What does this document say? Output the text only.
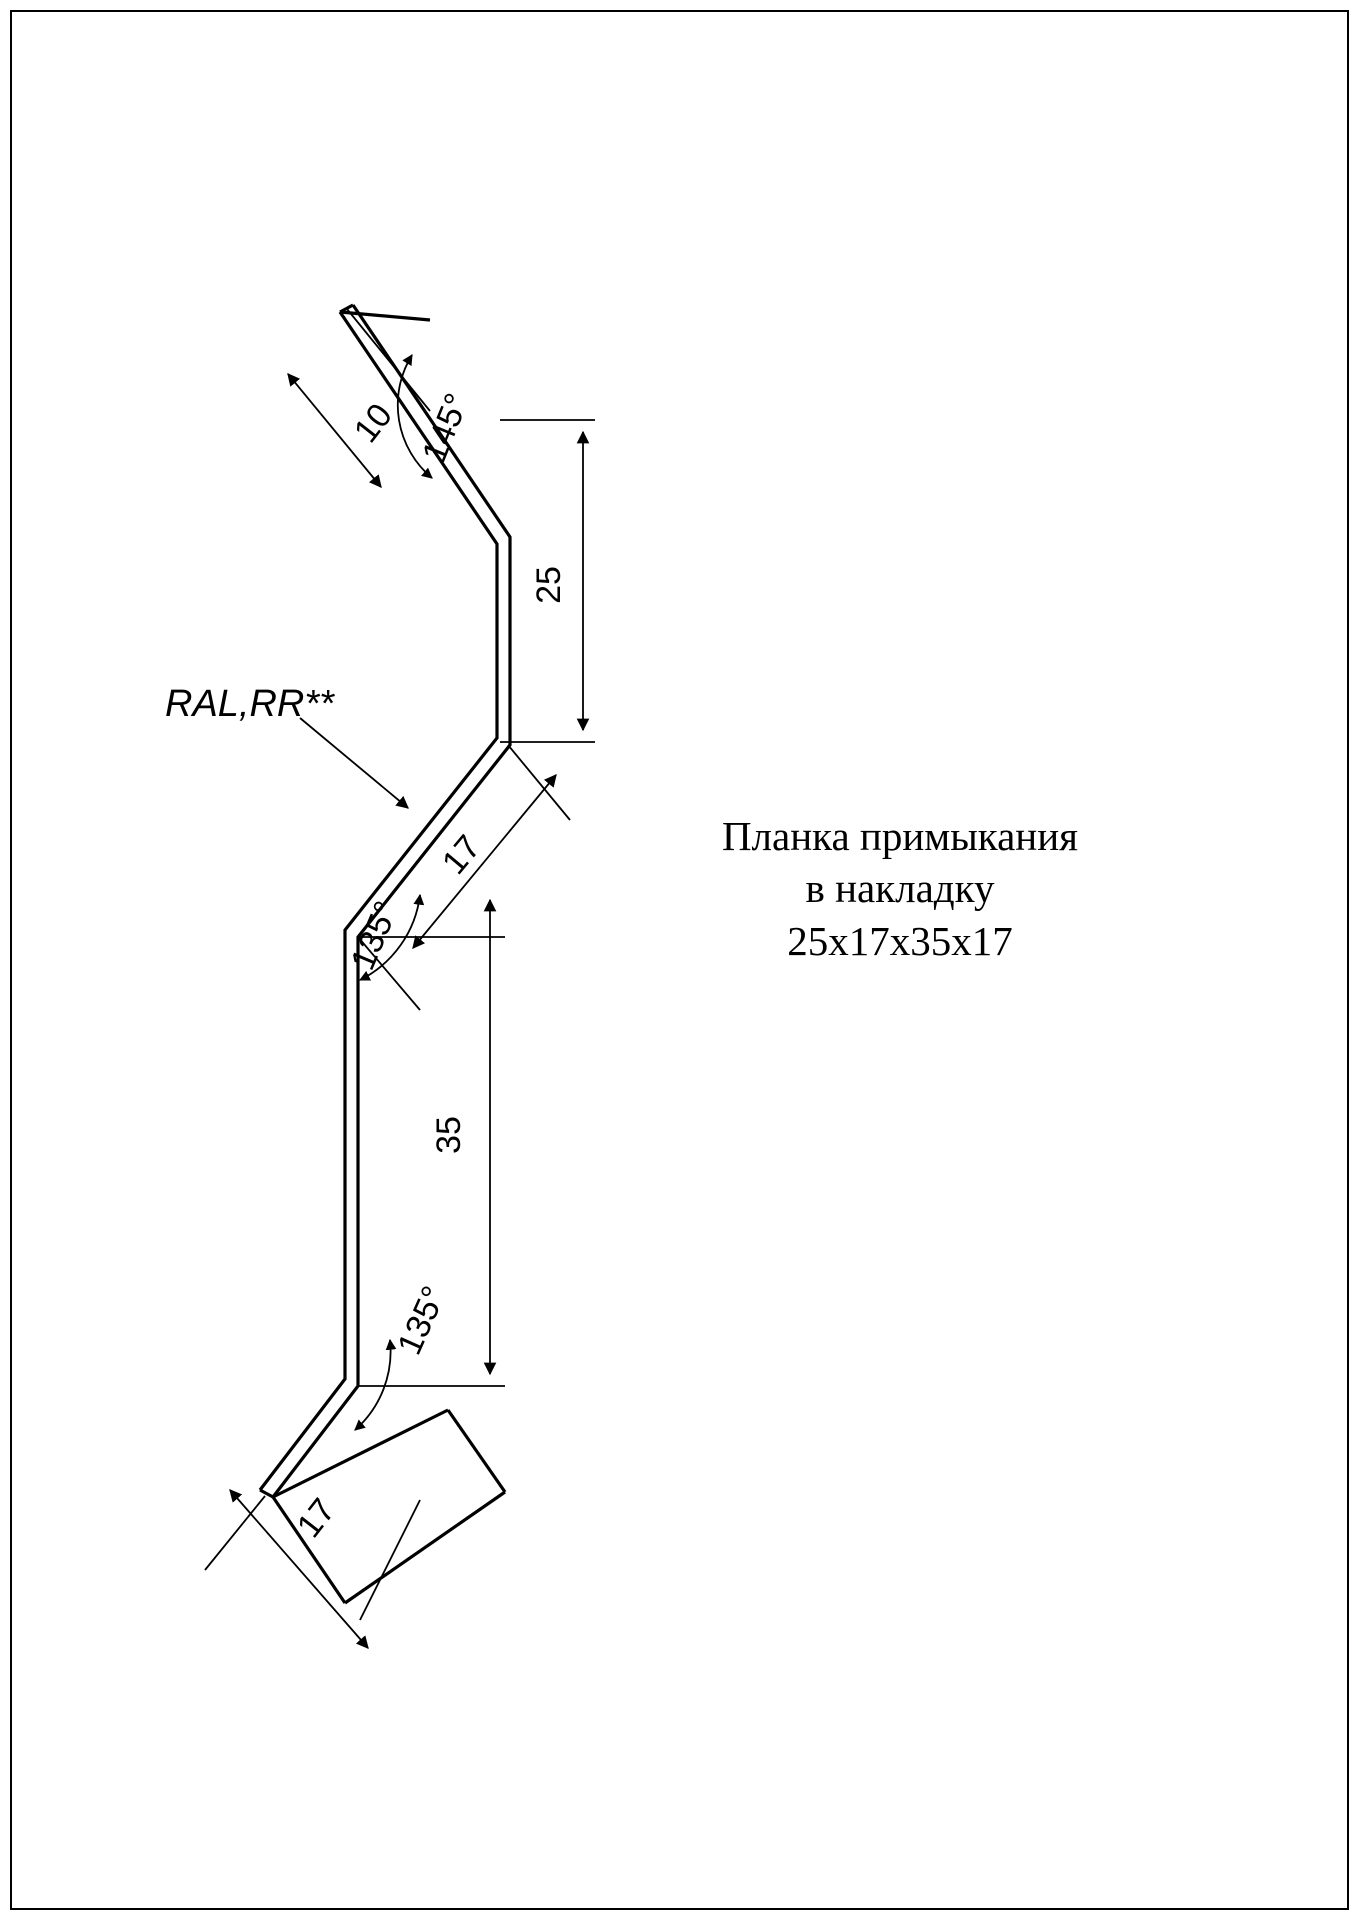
10 145°
25
RAL,RR**
17
135°
35
135°
17
Планка примыкания
в накладку
25x17x35x17
